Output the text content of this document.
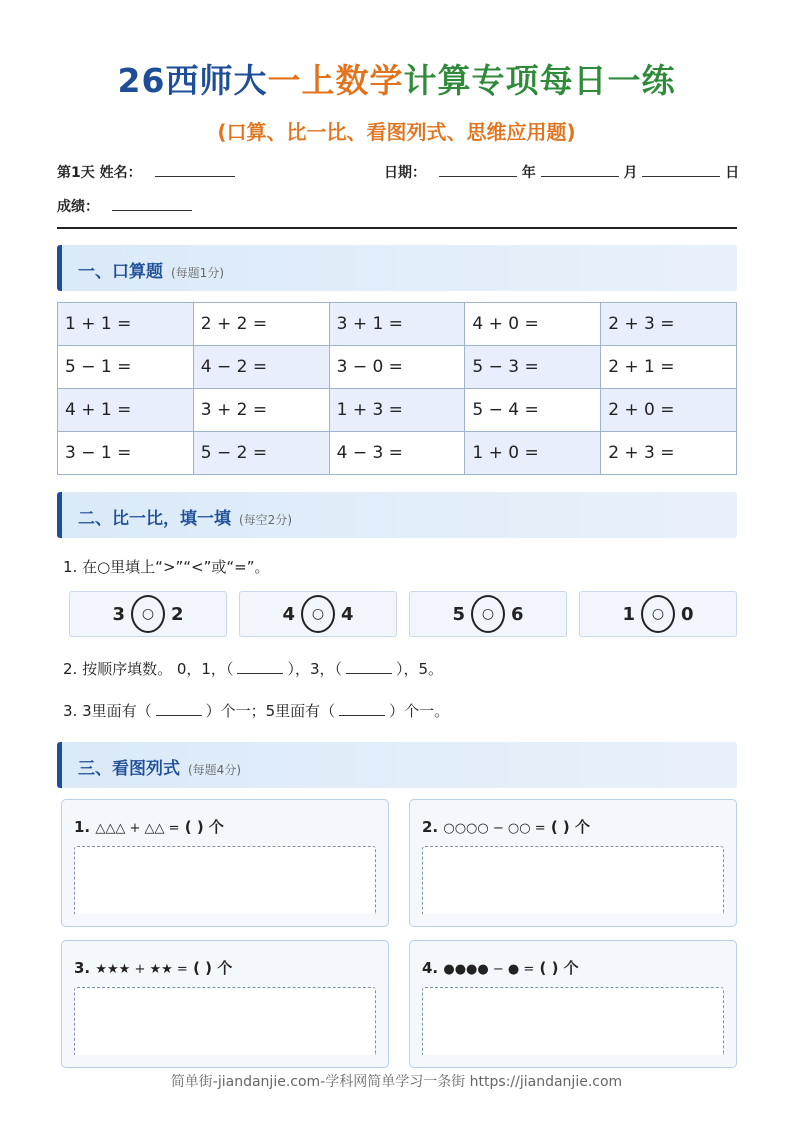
26西师大一上数学计算专项每日一练
(口算、比一比、看图列式、思维应用题)
第1天 姓名：	日期：	年	月	日
成绩：
一、口算题 (每题1分)
1 + 1 =	2 + 2 =	3 + 1 =	4 + 0 =	2 + 3 =
5 − 1 =	4 − 2 =	3 − 0 =	5 − 3 =	2 + 1 =
4 + 1 =	3 + 2 =	1 + 3 =	5 − 4 =	2 + 0 =
3 − 1 =	5 − 2 =	4 − 3 =	1 + 0 =	2 + 3 =
二、比一比，填一填 (每空2分)
1. 在○里填上“>”“<”或“=”。
3	○ 2	4	○ 4	5	○ 6	1	○ 0
2. 按顺序填数。 0，1，（	），3，（	），5。
3. 3里面有（	）个一；5里面有（	）个一。
三、看图列式 (每题4分)
1. △△△ + △△ = ( ) 个	2. ○○○○ − ○○ = ( ) 个
3. ★★★ + ★★ = ( ) 个	4. ●●●● − ● = ( ) 个
简单街-jiandanjie.com-学科网简单学习一条街 https://jiandanjie.com
